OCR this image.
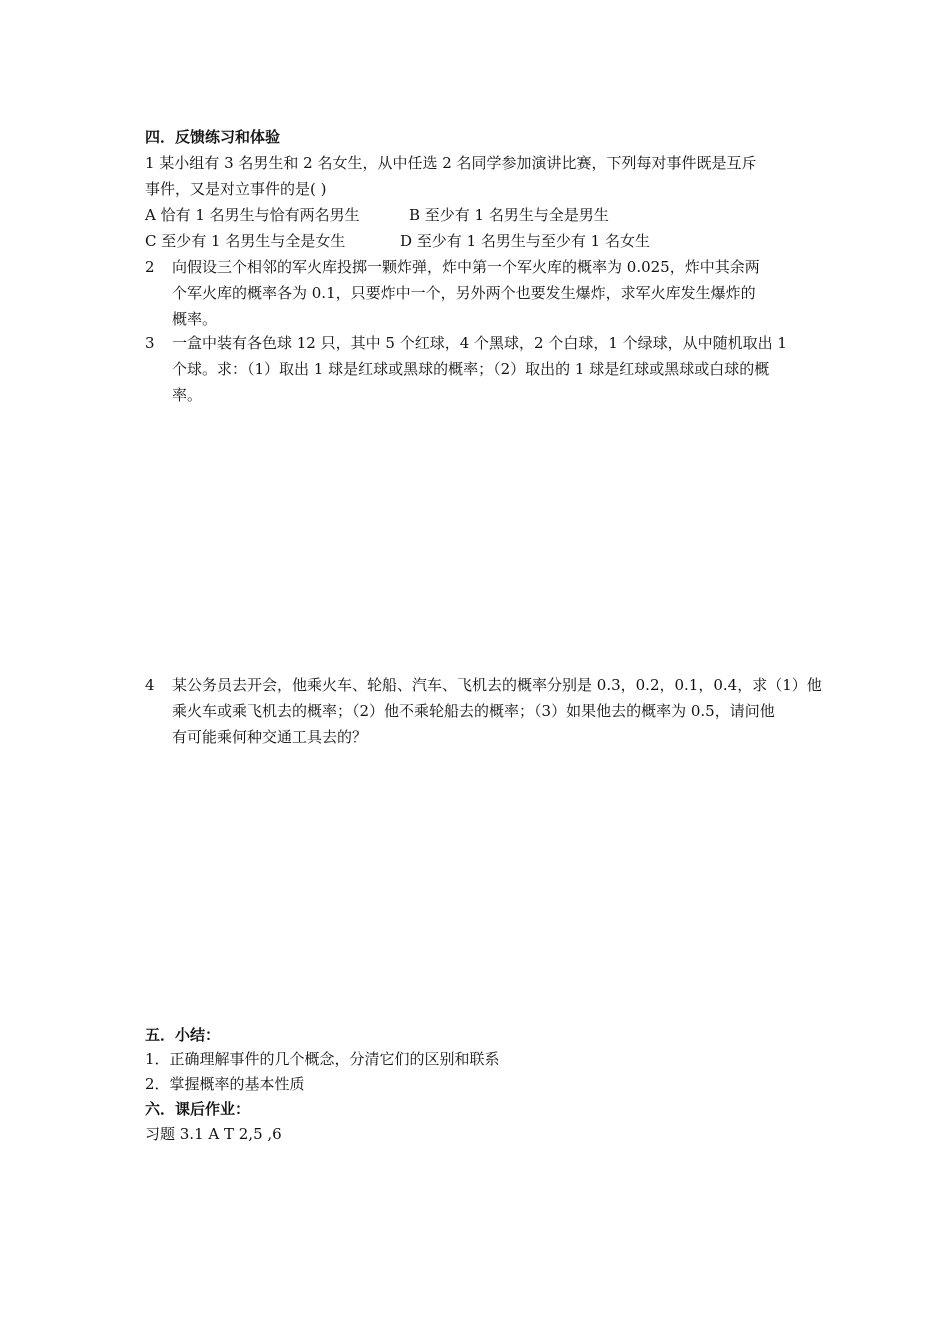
四．反馈练习和体验
1 某小组有 3 名男生和 2 名女生，从中任选 2 名同学参加演讲比赛，下列每对事件既是互斥
事件，又是对立事件的是( )
A 恰有 1 名男生与恰有两名男生	B 至少有 1 名男生与全是男生
C 至少有 1 名男生与全是女生	D 至少有 1 名男生与至少有 1 名女生
2	向假设三个相邻的军火库投掷一颗炸弹，炸中第一个军火库的概率为 0.025，炸中其余两
个军火库的概率各为 0.1，只要炸中一个，另外两个也要发生爆炸，求军火库发生爆炸的
概率。
3	一盒中装有各色球 12 只，其中 5 个红球，4 个黑球，2 个白球，1 个绿球，从中随机取出 1
个球。求：（1）取出 1 球是红球或黑球的概率；（2）取出的 1 球是红球或黑球或白球的概
率。
4	某公务员去开会，他乘火车、轮船、汽车、飞机去的概率分别是 0.3，0.2，0.1，0.4，求（1）他
乘火车或乘飞机去的概率；（2）他不乘轮船去的概率；（3）如果他去的概率为 0.5，请问他
有可能乘何种交通工具去的？
五．小结：
1．正确理解事件的几个概念，分清它们的区别和联系
2．掌握概率的基本性质
六．课后作业：
习题 3.1 A T 2,5 ,6
